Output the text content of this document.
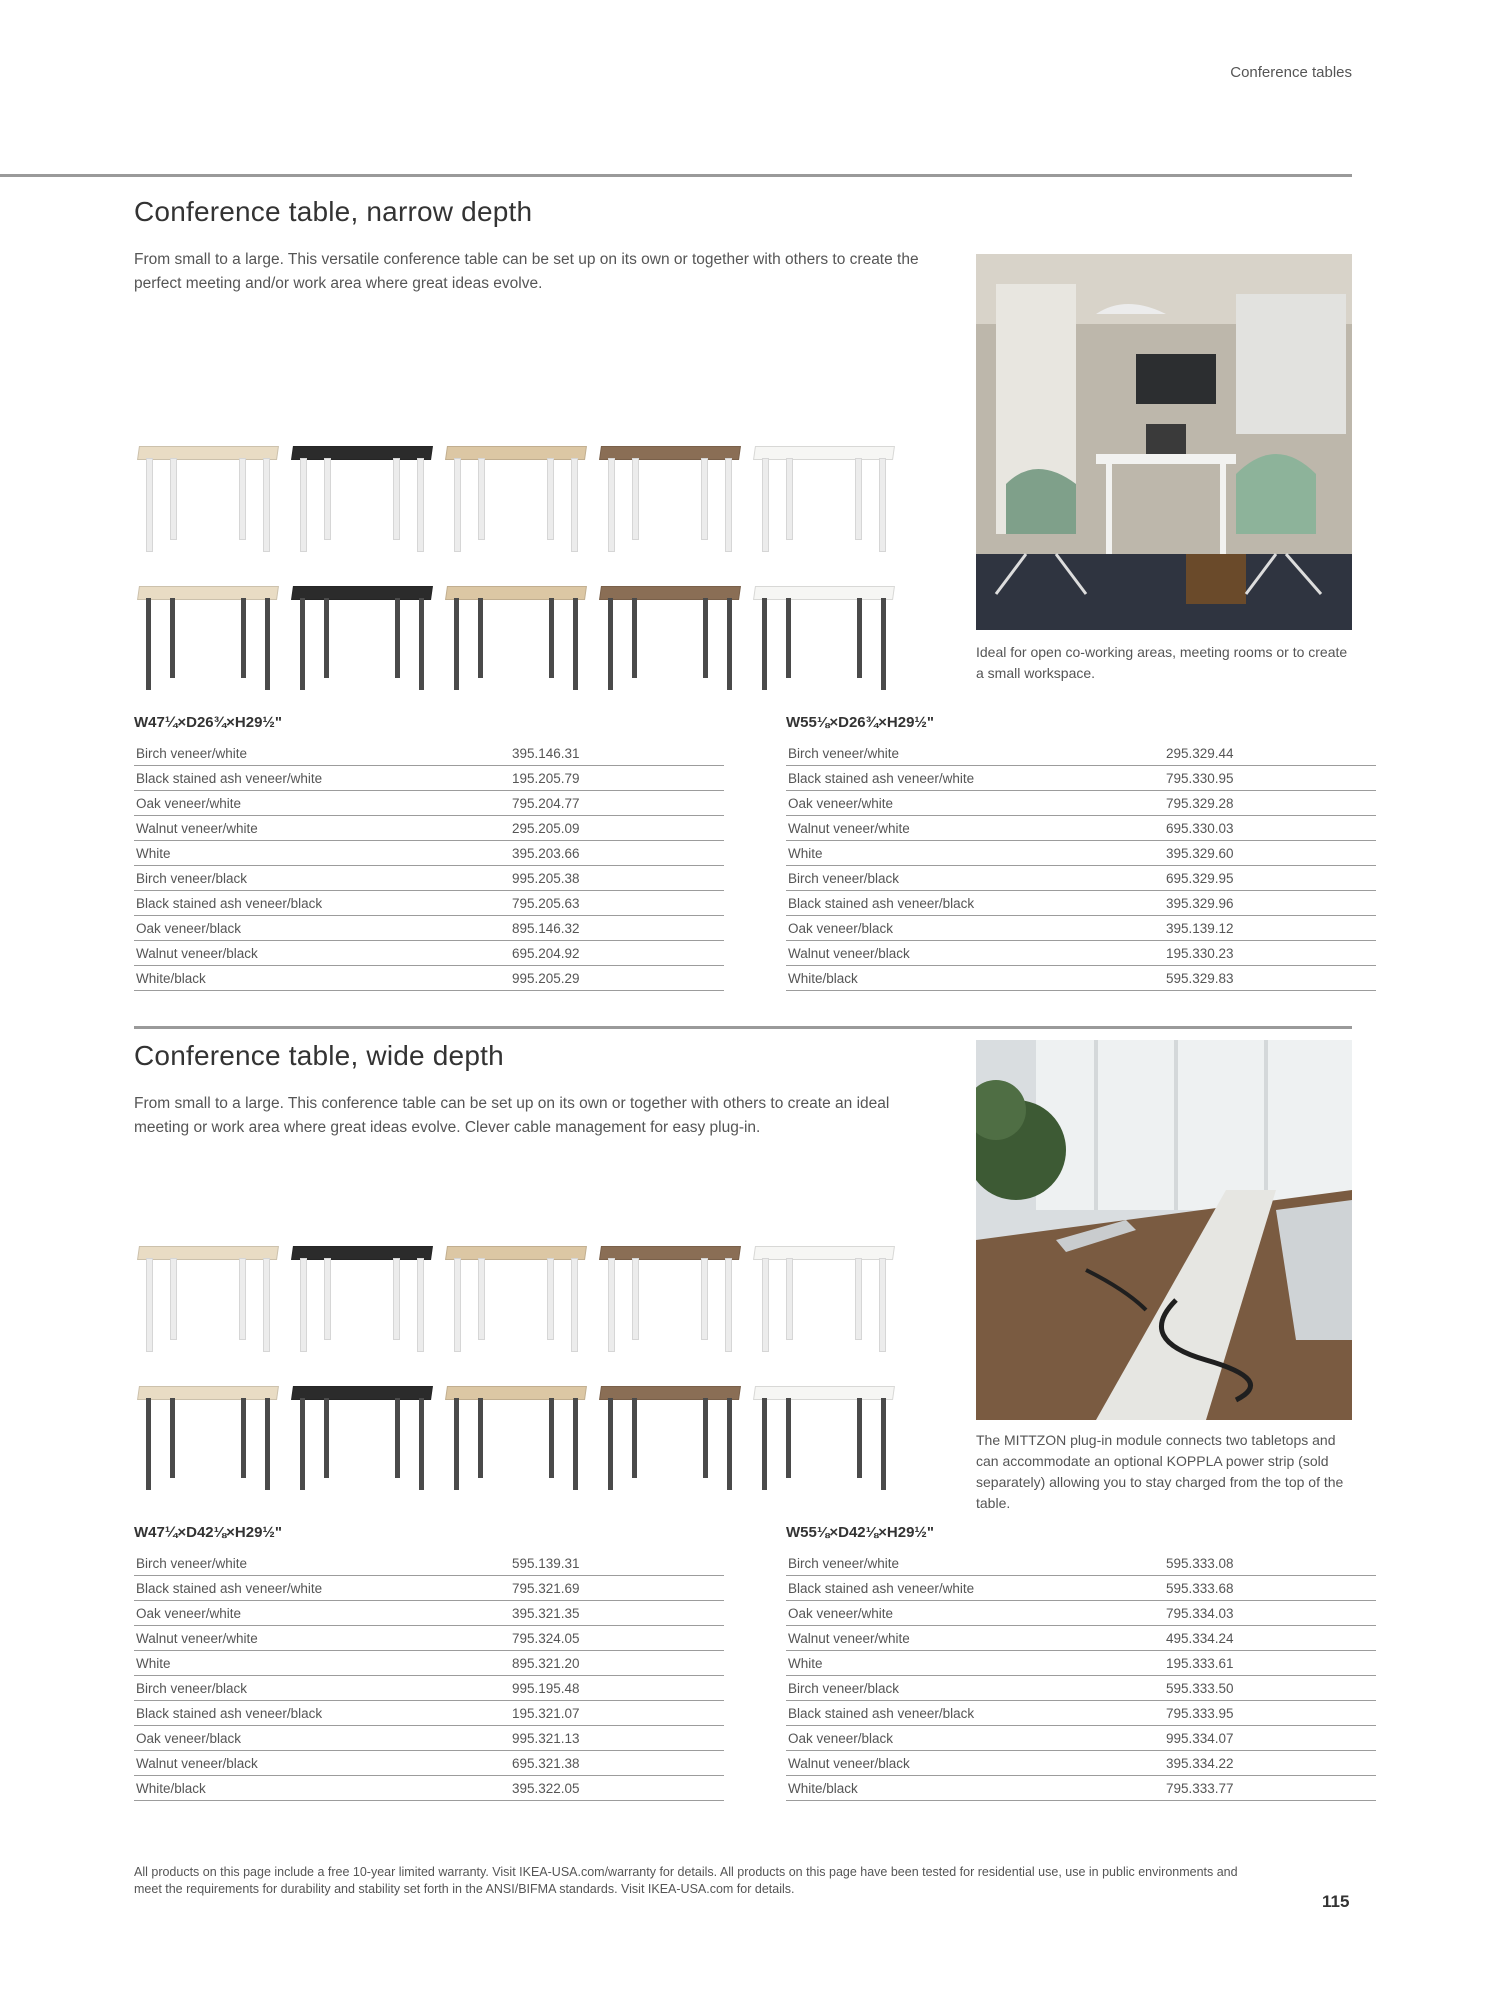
Conference tables
Conference table, narrow depth

From small to a large. This versatile conference table can be set up on its own or together with others to create the perfect meeting and/or work area where great ideas evolve.

Ideal for open co-working areas, meeting rooms or to create a small workspace.

W47¼×D26¾×H29½"
Birch veneer/white	395.146.31
Black stained ash veneer/white	195.205.79
Oak veneer/white	795.204.77
Walnut veneer/white	295.205.09
White	395.203.66
Birch veneer/black	995.205.38
Black stained ash veneer/black	795.205.63
Oak veneer/black	895.146.32
Walnut veneer/black	695.204.92
White/black	995.205.29
W55⅛×D26¾×H29½"
Birch veneer/white	295.329.44
Black stained ash veneer/white	795.330.95
Oak veneer/white	795.329.28
Walnut veneer/white	695.330.03
White	395.329.60
Birch veneer/black	695.329.95
Black stained ash veneer/black	395.329.96
Oak veneer/black	395.139.12
Walnut veneer/black	195.330.23
White/black	595.329.83
Conference table, wide depth

From small to a large. This conference table can be set up on its own or together with others to create an ideal meeting or work area where great ideas evolve. Clever cable management for easy plug-in.

The MITTZON plug-in module connects two tabletops and can accommodate an optional KOPPLA power strip (sold separately) allowing you to stay charged from the top of the table.

W47¼×D42⅛×H29½"
Birch veneer/white	595.139.31
Black stained ash veneer/white	795.321.69
Oak veneer/white	395.321.35
Walnut veneer/white	795.324.05
White	895.321.20
Birch veneer/black	995.195.48
Black stained ash veneer/black	195.321.07
Oak veneer/black	995.321.13
Walnut veneer/black	695.321.38
White/black	395.322.05
W55⅛×D42⅛×H29½"
Birch veneer/white	595.333.08
Black stained ash veneer/white	595.333.68
Oak veneer/white	795.334.03
Walnut veneer/white	495.334.24
White	195.333.61
Birch veneer/black	595.333.50
Black stained ash veneer/black	795.333.95
Oak veneer/black	995.334.07
Walnut veneer/black	395.334.22
White/black	795.333.77

All products on this page include a free 10-year limited warranty. Visit IKEA-USA.com/warranty for details. All products on this page have been tested for residential use, use in public environments and meet the requirements for durability and stability set forth in the ANSI/BIFMA standards. Visit IKEA-USA.com for details.

115
